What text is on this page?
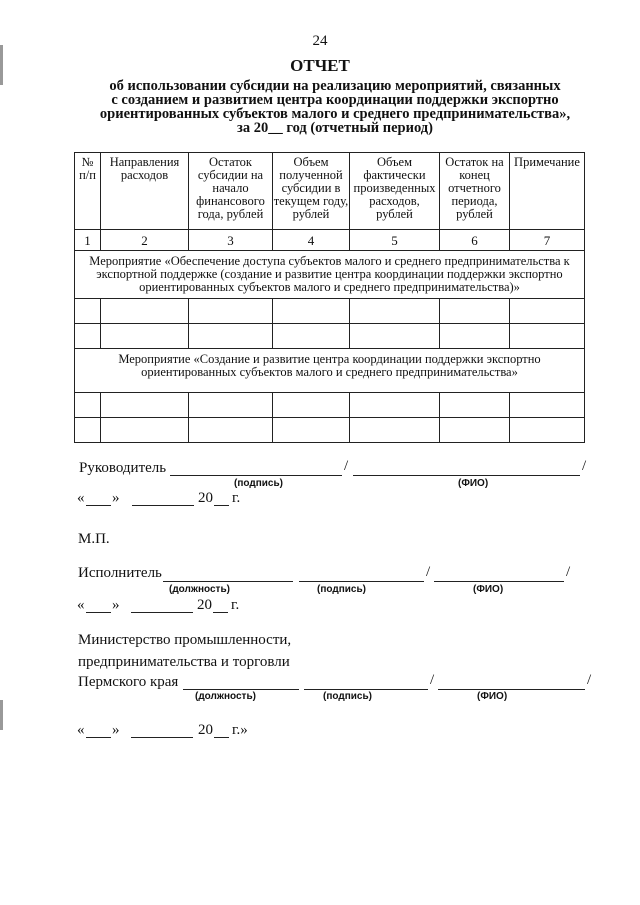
24
ОТЧЕТ
об использовании субсидии на реализацию мероприятий, связанных
с созданием и развитием центра координации поддержки экспортно
ориентированных субъектов малого и среднего предпринимательства»,
за 20__ год (отчетный период)
№ п/п	Направления расходов	Остаток субсидии на начало финансового года, рублей	Объем полученной субсидии в текущем году, рублей	Объем фактически произведенных расходов, рублей	Остаток на конец отчетного периода, рублей	Примечание
1	2	3	4	5	6	7
Мероприятие «Обеспечение доступа субъектов малого и среднего предпринимательства к экспортной поддержке (создание и развитие центра координации поддержки экспортно ориентированных субъектов малого и среднего предпринимательства)»						

Мероприятие «Создание и развитие центра координации поддержки экспортно ориентированных субъектов малого и среднего предпринимательства»						

Руководитель	/	/
(подпись)	(ФИО)
« »	20 г.
М.П.
Исполнитель	/	/
(должность)	(подпись)	(ФИО)
« »	20 г.
Министерство промышленности,
предпринимательства и торговли
Пермского края	/	/
(должность)	(подпись)	(ФИО)
« »	20 г.»
